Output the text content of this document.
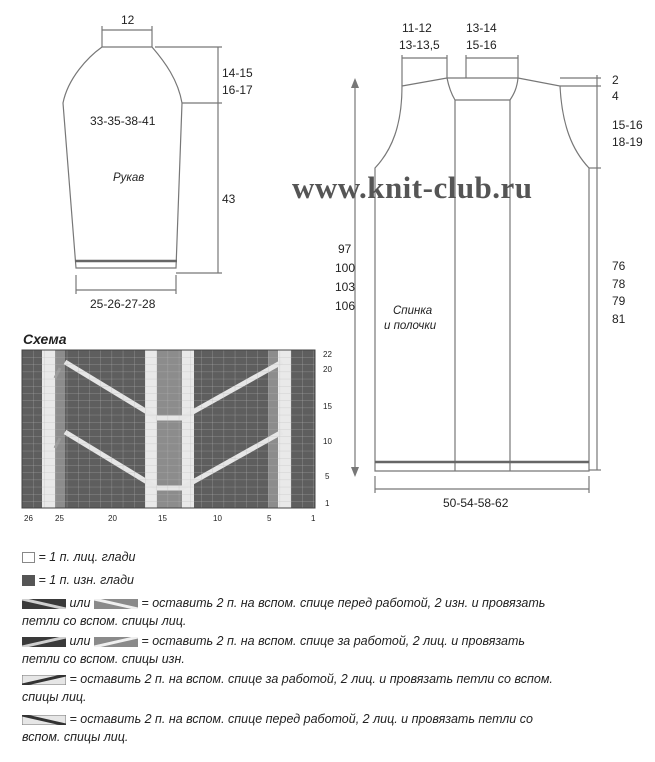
12
14-15
16-17
33-35-38-41
Рукав
43
25-26-27-28
11-12
13-13,5
13-14
15-16
2
4
15-16
18-19
97
100
103
106
76
78
79
81
Спинка
и полочки
50-54-58-62
www.knit-club.ru
Схема
22
20
15
10
5
1
26	25	20	15	10	5	1
= 1 п. лиц. глади
= 1 п. изн. глади
или	= оставить 2 п. на вспом. спице перед работой, 2 изн. и провязать
петли со вспом. спицы лиц.
или	= оставить 2 п. на вспом. спице за работой, 2 лиц. и провязать
петли со вспом. спицы изн.
= оставить 2 п. на вспом. спице за работой, 2 лиц. и провязать петли со вспом.
спицы лиц.
= оставить 2 п. на вспом. спице перед работой, 2 лиц. и провязать петли со
вспом. спицы лиц.
